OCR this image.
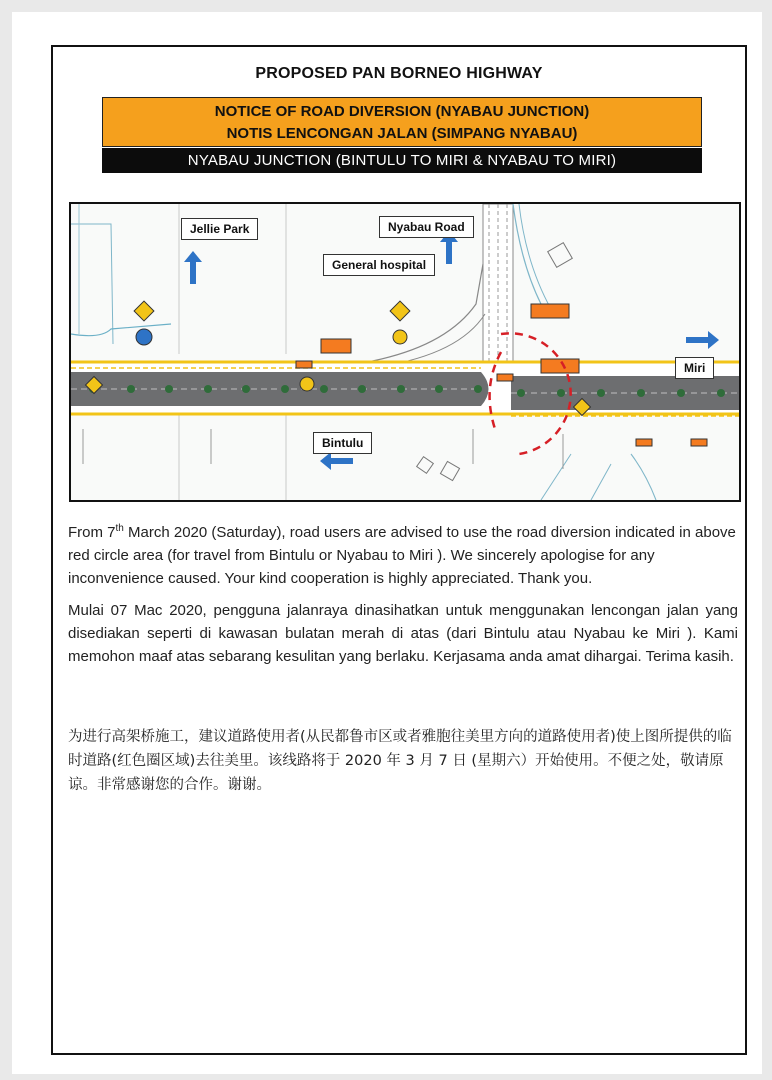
PROPOSED PAN BORNEO HIGHWAY
NOTICE OF ROAD DIVERSION (NYABAU JUNCTION)
NOTIS LENCONGAN JALAN (SIMPANG NYABAU)
NYABAU JUNCTION (BINTULU TO MIRI & NYABAU TO MIRI)
Jellie Park	Nyabau Road
General hospital
Miri
Bintulu
From 7th March 2020 (Saturday), road users are advised to use the road diversion indicated in above red circle area (for travel from Bintulu or Nyabau to Miri ). We sincerely apologise for any inconvenience caused. Your kind cooperation is highly appreciated. Thank you.
Mulai 07 Mac 2020, pengguna jalanraya dinasihatkan untuk menggunakan lencongan jalan yang disediakan seperti di kawasan bulatan merah di atas (dari Bintulu atau Nyabau ke Miri ). Kami memohon maaf atas sebarang kesulitan yang berlaku. Kerjasama anda amat dihargai. Terima kasih.
为进行高架桥施工，建议道路使用者(从民都鲁市区或者雅胞往美里方向的道路使用者)使上图所提供的临时道路(红色圈区域)去往美里。该线路将于 2020 年 3 月 7 日 (星期六）开始使用。不便之处，敬请原谅。非常感谢您的合作。谢谢。
